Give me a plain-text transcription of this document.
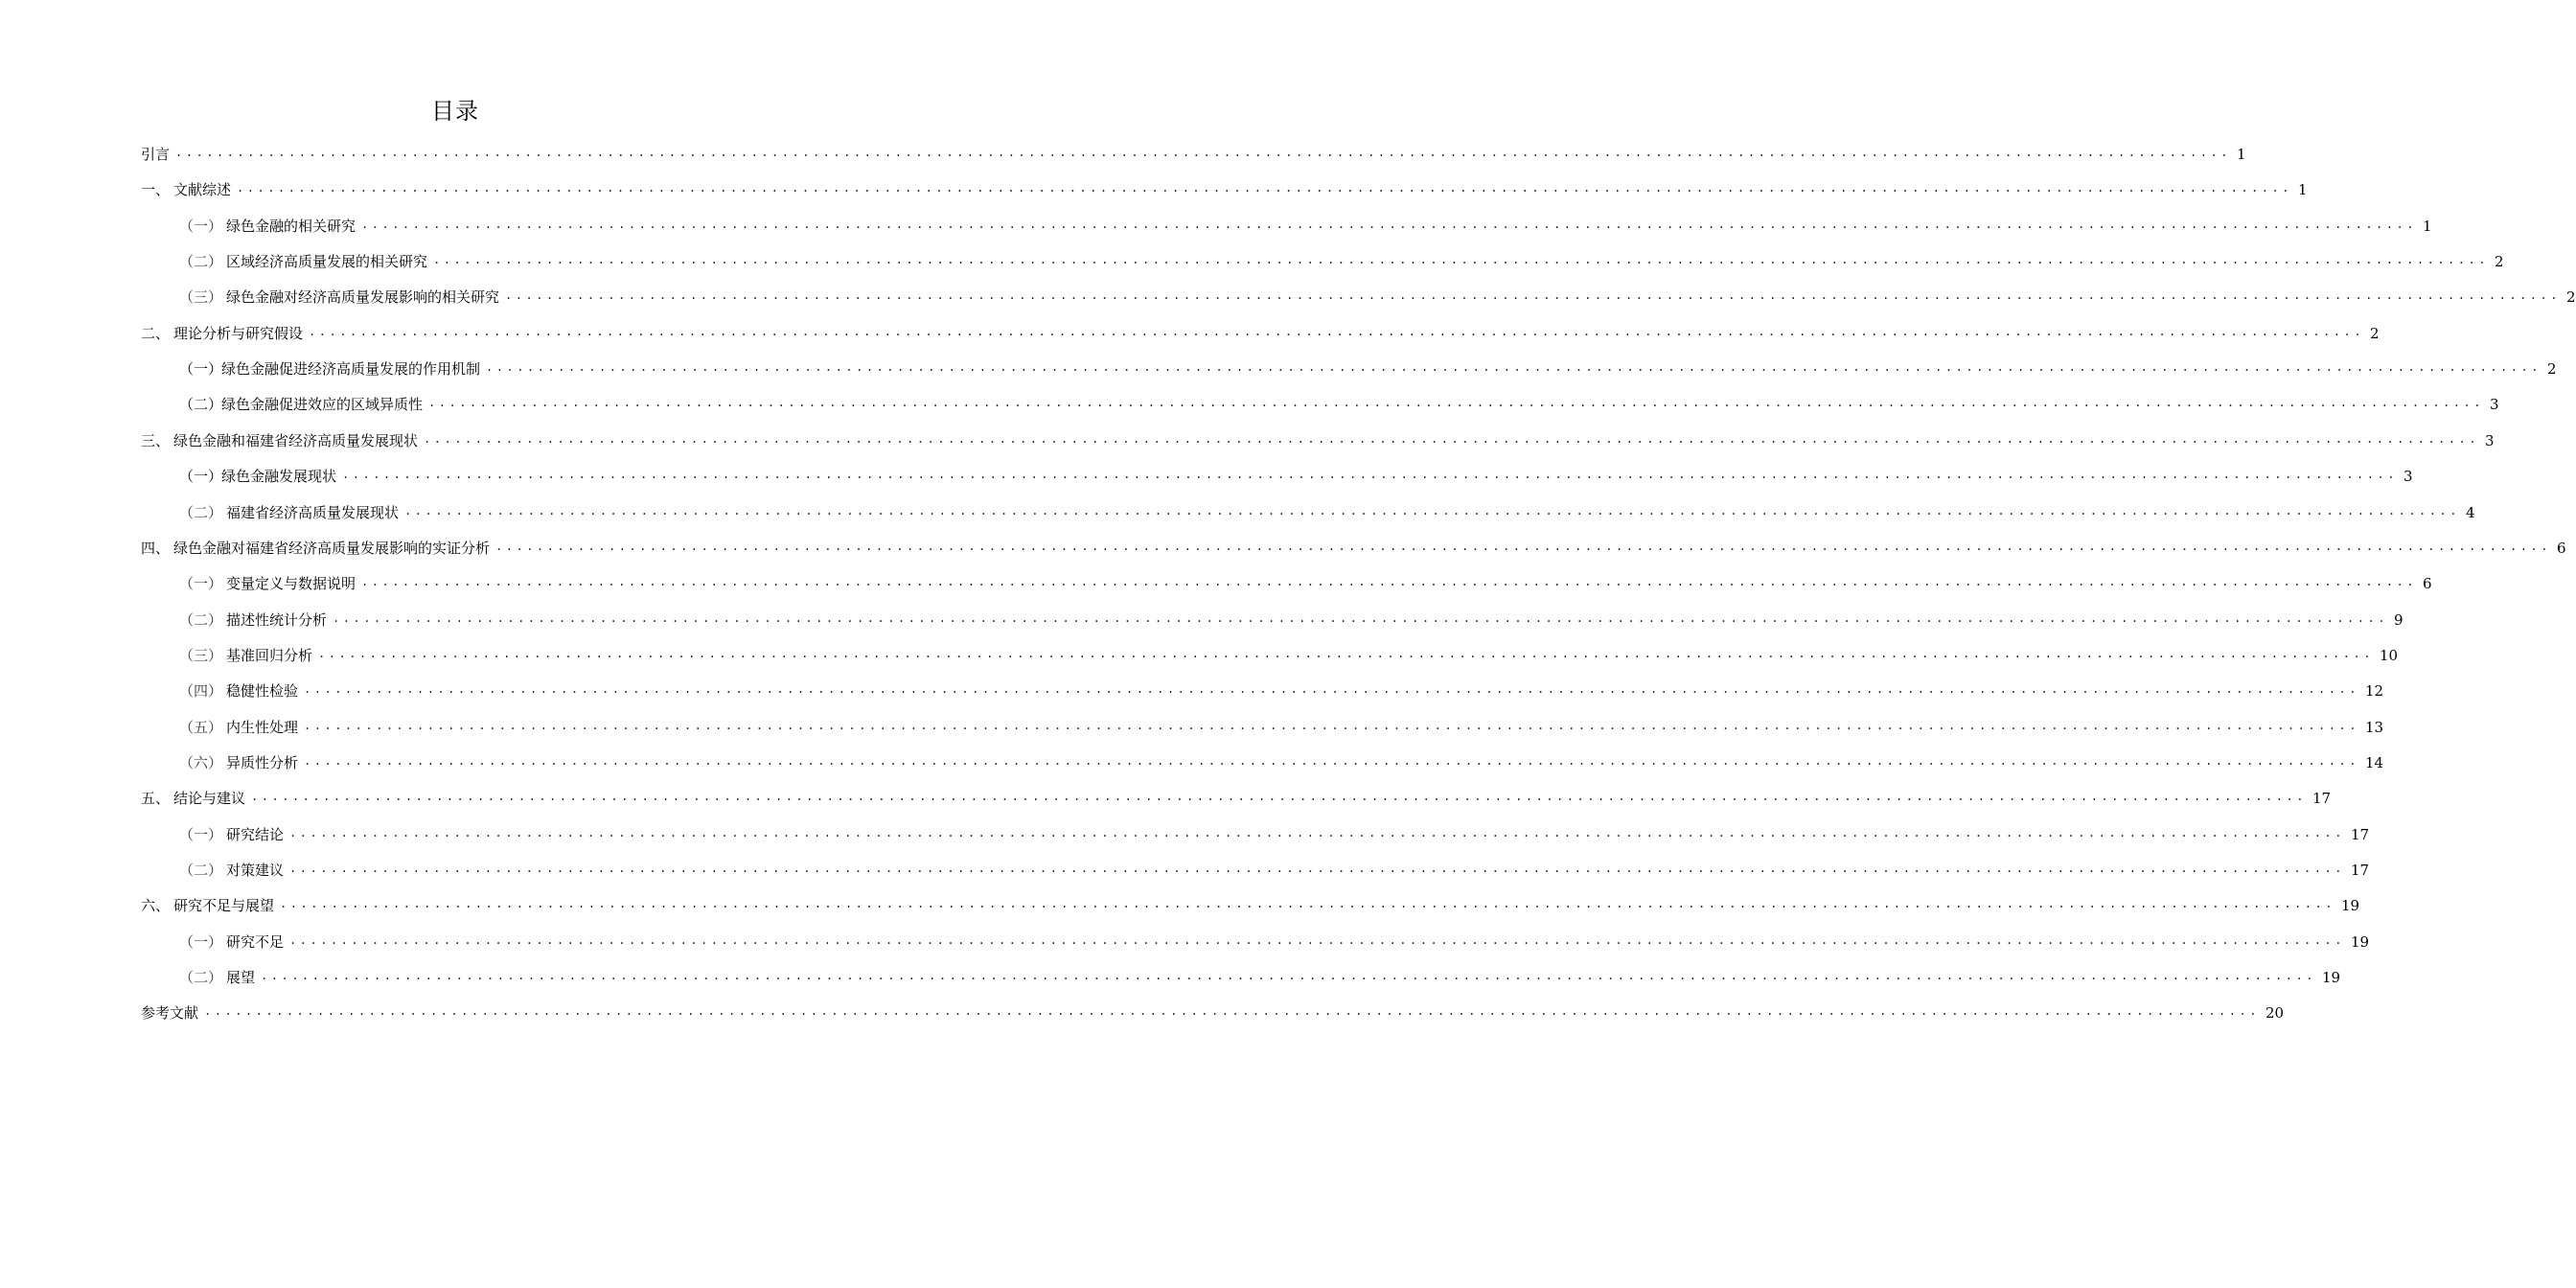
目录
引言 ........................................................................................................................................................................................................ 1
一、 文献综述 ........................................................................................................................................................................................................ 1
（一） 绿色金融的相关研究 ........................................................................................................................................................................................................ 1
（二） 区域经济高质量发展的相关研究 ........................................................................................................................................................................................................ 2
（三） 绿色金融对经济高质量发展影响的相关研究 ........................................................................................................................................................................................................ 2
二、 理论分析与研究假设 ........................................................................................................................................................................................................ 2
（一）
绿色金融促进经济高质量发展的作用机制 ........................................................................................................................................................................................................ 2
（二）
绿色金融促进效应的区域异质性 ........................................................................................................................................................................................................ 3
三、 绿色金融和福建省经济高质量发展现状 ........................................................................................................................................................................................................ 3
（一）
绿色金融发展现状 ........................................................................................................................................................................................................ 3
（二） 福建省经济高质量发展现状 ........................................................................................................................................................................................................ 4
四、 绿色金融对福建省经济高质量发展影响的实证分析 ........................................................................................................................................................................................................ 6
（一） 变量定义与数据说明 ........................................................................................................................................................................................................ 6
（二） 描述性统计分析 ........................................................................................................................................................................................................ 9
（三） 基准回归分析 ........................................................................................................................................................................................................ 10
（四） 稳健性检验 ........................................................................................................................................................................................................ 12
（五） 内生性处理 ........................................................................................................................................................................................................ 13
（六） 异质性分析 ........................................................................................................................................................................................................ 14
五、 结论与建议 ........................................................................................................................................................................................................ 17
（一） 研究结论 ........................................................................................................................................................................................................ 17
（二） 对策建议 ........................................................................................................................................................................................................ 17
六、 研究不足与展望 ........................................................................................................................................................................................................ 19
（一） 研究不足 ........................................................................................................................................................................................................ 19
（二） 展望 ........................................................................................................................................................................................................ 19
参考文献 ........................................................................................................................................................................................................ 20
